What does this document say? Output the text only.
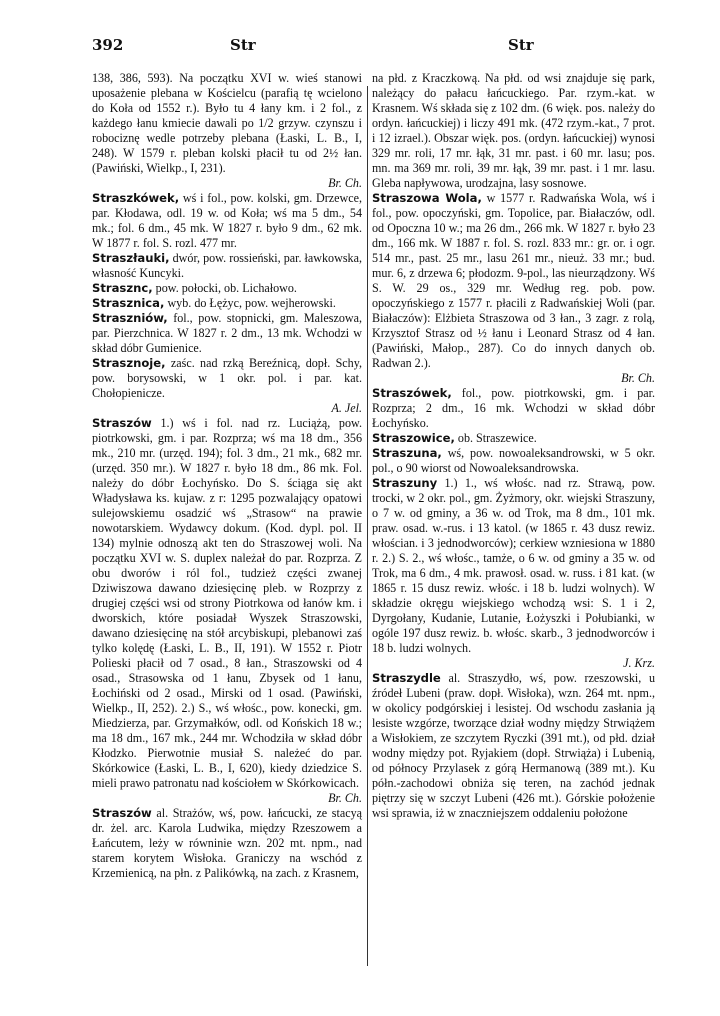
392	Str	Str

138, 386, 593). Na początku XVI w. wieś stanowi uposażenie plebana w Kościelcu (parafią tę wcielono do Koła od 1552 r.). Było tu 4 łany km. i 2 fol., z każdego łanu kmiecie dawali po 1/2 grzyw. czynszu i robociznę wedle potrzeby plebana (Łaski, L. B., I, 248). W 1579 r. pleban kolski płacił tu od 2½ łan. (Pawiński, Wielkp., I, 231).

Br. Ch.

Straszkówek, wś i fol., pow. kolski, gm. Drzewce, par. Kłodawa, odl. 19 w. od Koła; wś ma 5 dm., 54 mk.; fol. 6 dm., 45 mk. W 1827 r. było 9 dm., 62 mk. W 1877 r. fol. S. rozl. 477 mr.

Straszłauki, dwór, pow. rossieński, par. ławkowska, własność Kuncyki.

Strasznc, pow. połocki, ob. Lichałowo.

Strasznica, wyb. do Łężyc, pow. wejherowski.

Straszniów, fol., pow. stopnicki, gm. Maleszowa, par. Pierzchnica. W 1827 r. 2 dm., 13 mk. Wchodzi w skład dóbr Gumienice.

Strasznoje, zaśc. nad rzką Bereźnicą, dopł. Schy, pow. borysowski, w 1 okr. pol. i par. kat. Chołopienicze.

A. Jel.

Straszów 1.) wś i fol. nad rz. Luciążą, pow. piotrkowski, gm. i par. Rozprza; wś ma 18 dm., 356 mk., 210 mr. (urzęd. 194); fol. 3 dm., 21 mk., 682 mr. (urzęd. 350 mr.). W 1827 r. było 18 dm., 86 mk. Fol. należy do dóbr Łochyńsko. Do S. ściąga się akt Władysława ks. kujaw. z r: 1295 pozwalający opatowi sulejowskiemu osadzić wś „Strasow“ na prawie nowotarskiem. Wydawcy dokum. (Kod. dypl. pol. II 134) mylnie odnoszą akt ten do Straszowej woli. Na początku XVI w. S. duplex należał do par. Rozprza. Z obu dworów i ról fol., tudzież części zwanej Dziwiszowa dawano dziesięcinę pleb. w Rozprzy z drugiej części wsi od strony Piotrkowa od łanów km. i dworskich, które posiadał Wyszek Straszowski, dawano dziesięcinę na stół arcybiskupi, plebanowi zaś tylko kolędę (Łaski, L. B., II, 191). W 1552 r. Piotr Polieski płacił od 7 osad., 8 łan., Straszowski od 4 osad., Strasowska od 1 łanu, Zbysek od 1 łanu, Łochiński od 2 osad., Mirski od 1 osad. (Pawiński, Wielkp., II, 252). 2.) S., wś włośc., pow. konecki, gm. Miedzierza, par. Grzymałków, odl. od Końskich 18 w.; ma 18 dm., 167 mk., 244 mr. Wchodziła w skład dóbr Kłodzko. Pierwotnie musiał S. należeć do par. Skórkowice (Łaski, L. B., I, 620), kiedy dziedzice S. mieli prawo patronatu nad kościołem w Skórkowicach.

Br. Ch.

Straszów al. Strażów, wś, pow. łańcucki, ze stacyą dr. żel. arc. Karola Ludwika, między Rzeszowem a Łańcutem, leży w równinie wzn. 202 mt. npm., nad starem korytem Wisłoka. Graniczy na wschód z Krzemienicą, na płn. z Palikówką, na zach. z Krasnem,

na płd. z Kraczkową. Na płd. od wsi znajduje się park, należący do pałacu łańcuckiego. Par. rzym.-kat. w Krasnem. Wś składa się z 102 dm. (6 więk. pos. należy do ordyn. łańcuckiej) i liczy 491 mk. (472 rzym.-kat., 7 prot. i 12 izrael.). Obszar więk. pos. (ordyn. łańcuckiej) wynosi 329 mr. roli, 17 mr. łąk, 31 mr. past. i 60 mr. lasu; pos. mn. ma 369 mr. roli, 39 mr. łąk, 39 mr. past. i 1 mr. lasu. Gleba napływowa, urodzajna, lasy sosnowe.

Straszowa Wola, w 1577 r. Radwańska Wola, wś i fol., pow. opoczyński, gm. Topolice, par. Białaczów, odl. od Opoczna 10 w.; ma 26 dm., 266 mk. W 1827 r. było 23 dm., 166 mk. W 1887 r. fol. S. rozl. 833 mr.: gr. or. i ogr. 514 mr., past. 25 mr., lasu 261 mr., nieuż. 33 mr.; bud. mur. 6, z drzewa 6; płodozm. 9-pol., las nieurządzony. Wś S. W. 29 os., 329 mr. Według reg. pob. pow. opoczyńskiego z 1577 r. płacili z Radwańskiej Woli (par. Białaczów): Elżbieta Straszowa od 3 łan., 3 zagr. z rolą, Krzysztof Strasz od ½ łanu i Leonard Strasz od 4 łan. (Pawiński, Małop., 287). Co do innych danych ob. Radwan 2.).

Br. Ch.

Straszówek, fol., pow. piotrkowski, gm. i par. Rozprza; 2 dm., 16 mk. Wchodzi w skład dóbr Łochyńsko.

Straszowice, ob. Straszewice.

Straszuna, wś, pow. nowoaleksandrowski, w 5 okr. pol., o 90 wiorst od Nowoaleksandrowska.

Straszuny 1.) 1., wś włośc. nad rz. Strawą, pow. trocki, w 2 okr. pol., gm. Żyżmory, okr. wiejski Straszuny, o 7 w. od gminy, a 36 w. od Trok, ma 8 dm., 101 mk. praw. osad. w.-rus. i 13 katol. (w 1865 r. 43 dusz rewiz. włościan. i 3 jednodworców); cerkiew wzniesiona w 1880 r. 2.) S. 2., wś włośc., tamże, o 6 w. od gminy a 35 w. od Trok, ma 6 dm., 4 mk. prawosł. osad. w. russ. i 81 kat. (w 1865 r. 15 dusz rewiz. włośc. i 18 b. ludzi wolnych). W składzie okręgu wiejskiego wchodzą wsi: S. 1 i 2, Dyrgołany, Kudanie, Lutanie, Łożyszki i Połubianki, w ogóle 197 dusz rewiz. b. włośc. skarb., 3 jednodworców i 18 b. ludzi wolnych.

J. Krz.

Straszydle al. Straszydło, wś, pow. rzeszowski, u źródeł Lubeni (praw. dopł. Wisłoka), wzn. 264 mt. npm., w okolicy podgórskiej i lesistej. Od wschodu zasłania ją lesiste wzgórze, tworzące dział wodny między Strwiążem a Wisłokiem, ze szczytem Ryczki (391 mt.), od płd. dział wodny między pot. Ryjakiem (dopł. Strwiąża) i Lubenią, od północy Przylasek z górą Hermanową (389 mt.). Ku półn.-zachodowi obniża się teren, na zachód jednak piętrzy się w szczyt Lubeni (426 mt.). Górskie położenie wsi sprawia, iż w znaczniejszem oddaleniu położone
